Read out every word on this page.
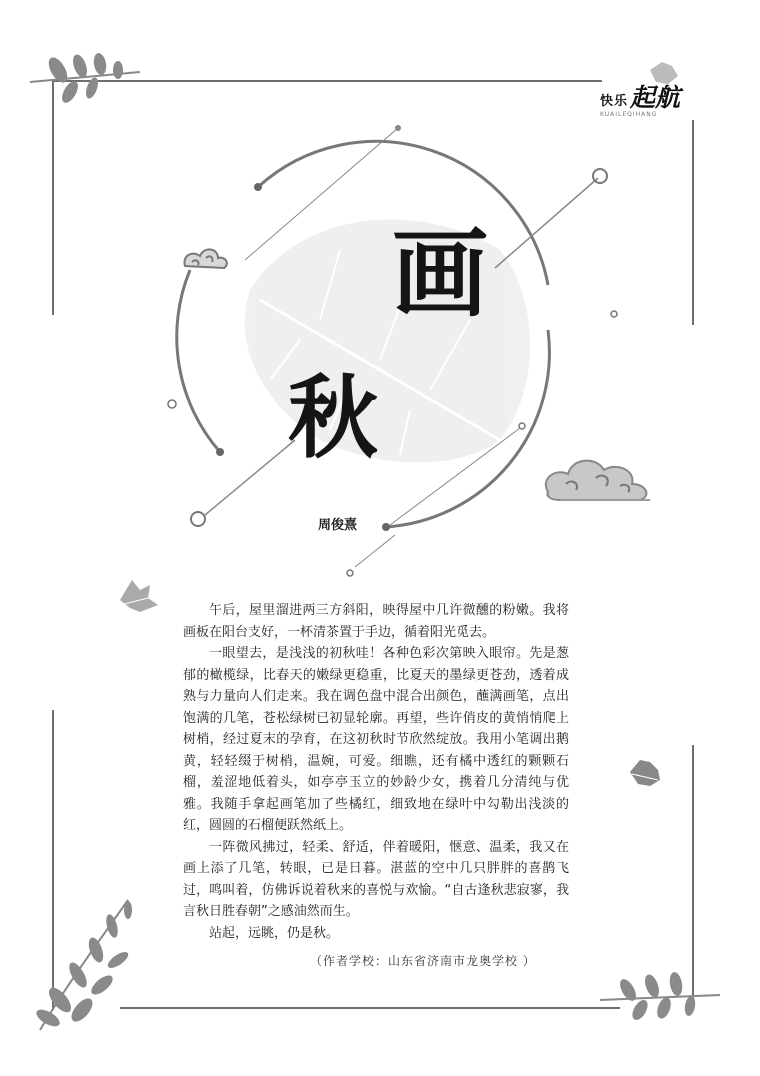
快乐 起航
KUAILEQIHANG
画
秋
周俊熹

午后，屋里溜进两三方斜阳，映得屋中几许微醺的粉嫩。我将画板在阳台支好，一杯清茶置于手边，循着阳光觅去。

一眼望去，是浅浅的初秋哇！各种色彩次第映入眼帘。先是葱郁的橄榄绿，比春天的嫩绿更稳重，比夏天的墨绿更苍劲，透着成熟与力量向人们走来。我在调色盘中混合出颜色，蘸满画笔，点出饱满的几笔，苍松绿树已初显轮廓。再望，些许俏皮的黄悄悄爬上树梢，经过夏末的孕育，在这初秋时节欣然绽放。我用小笔调出鹅黄，轻轻缀于树梢，温婉，可爱。细瞧，还有橘中透红的颗颗石榴，羞涩地低着头，如亭亭玉立的妙龄少女，携着几分清纯与优雅。我随手拿起画笔加了些橘红，细致地在绿叶中勾勒出浅淡的红，圆圆的石榴便跃然纸上。

一阵微风拂过，轻柔、舒适，伴着暖阳，惬意、温柔，我又在画上添了几笔，转眼，已是日暮。湛蓝的空中几只胖胖的喜鹊飞过，鸣叫着，仿佛诉说着秋来的喜悦与欢愉。“自古逢秋悲寂寥，我言秋日胜春朝”之感油然而生。

站起，远眺，仍是秋。

（作者学校：山东省济南市龙奥学校 ）
